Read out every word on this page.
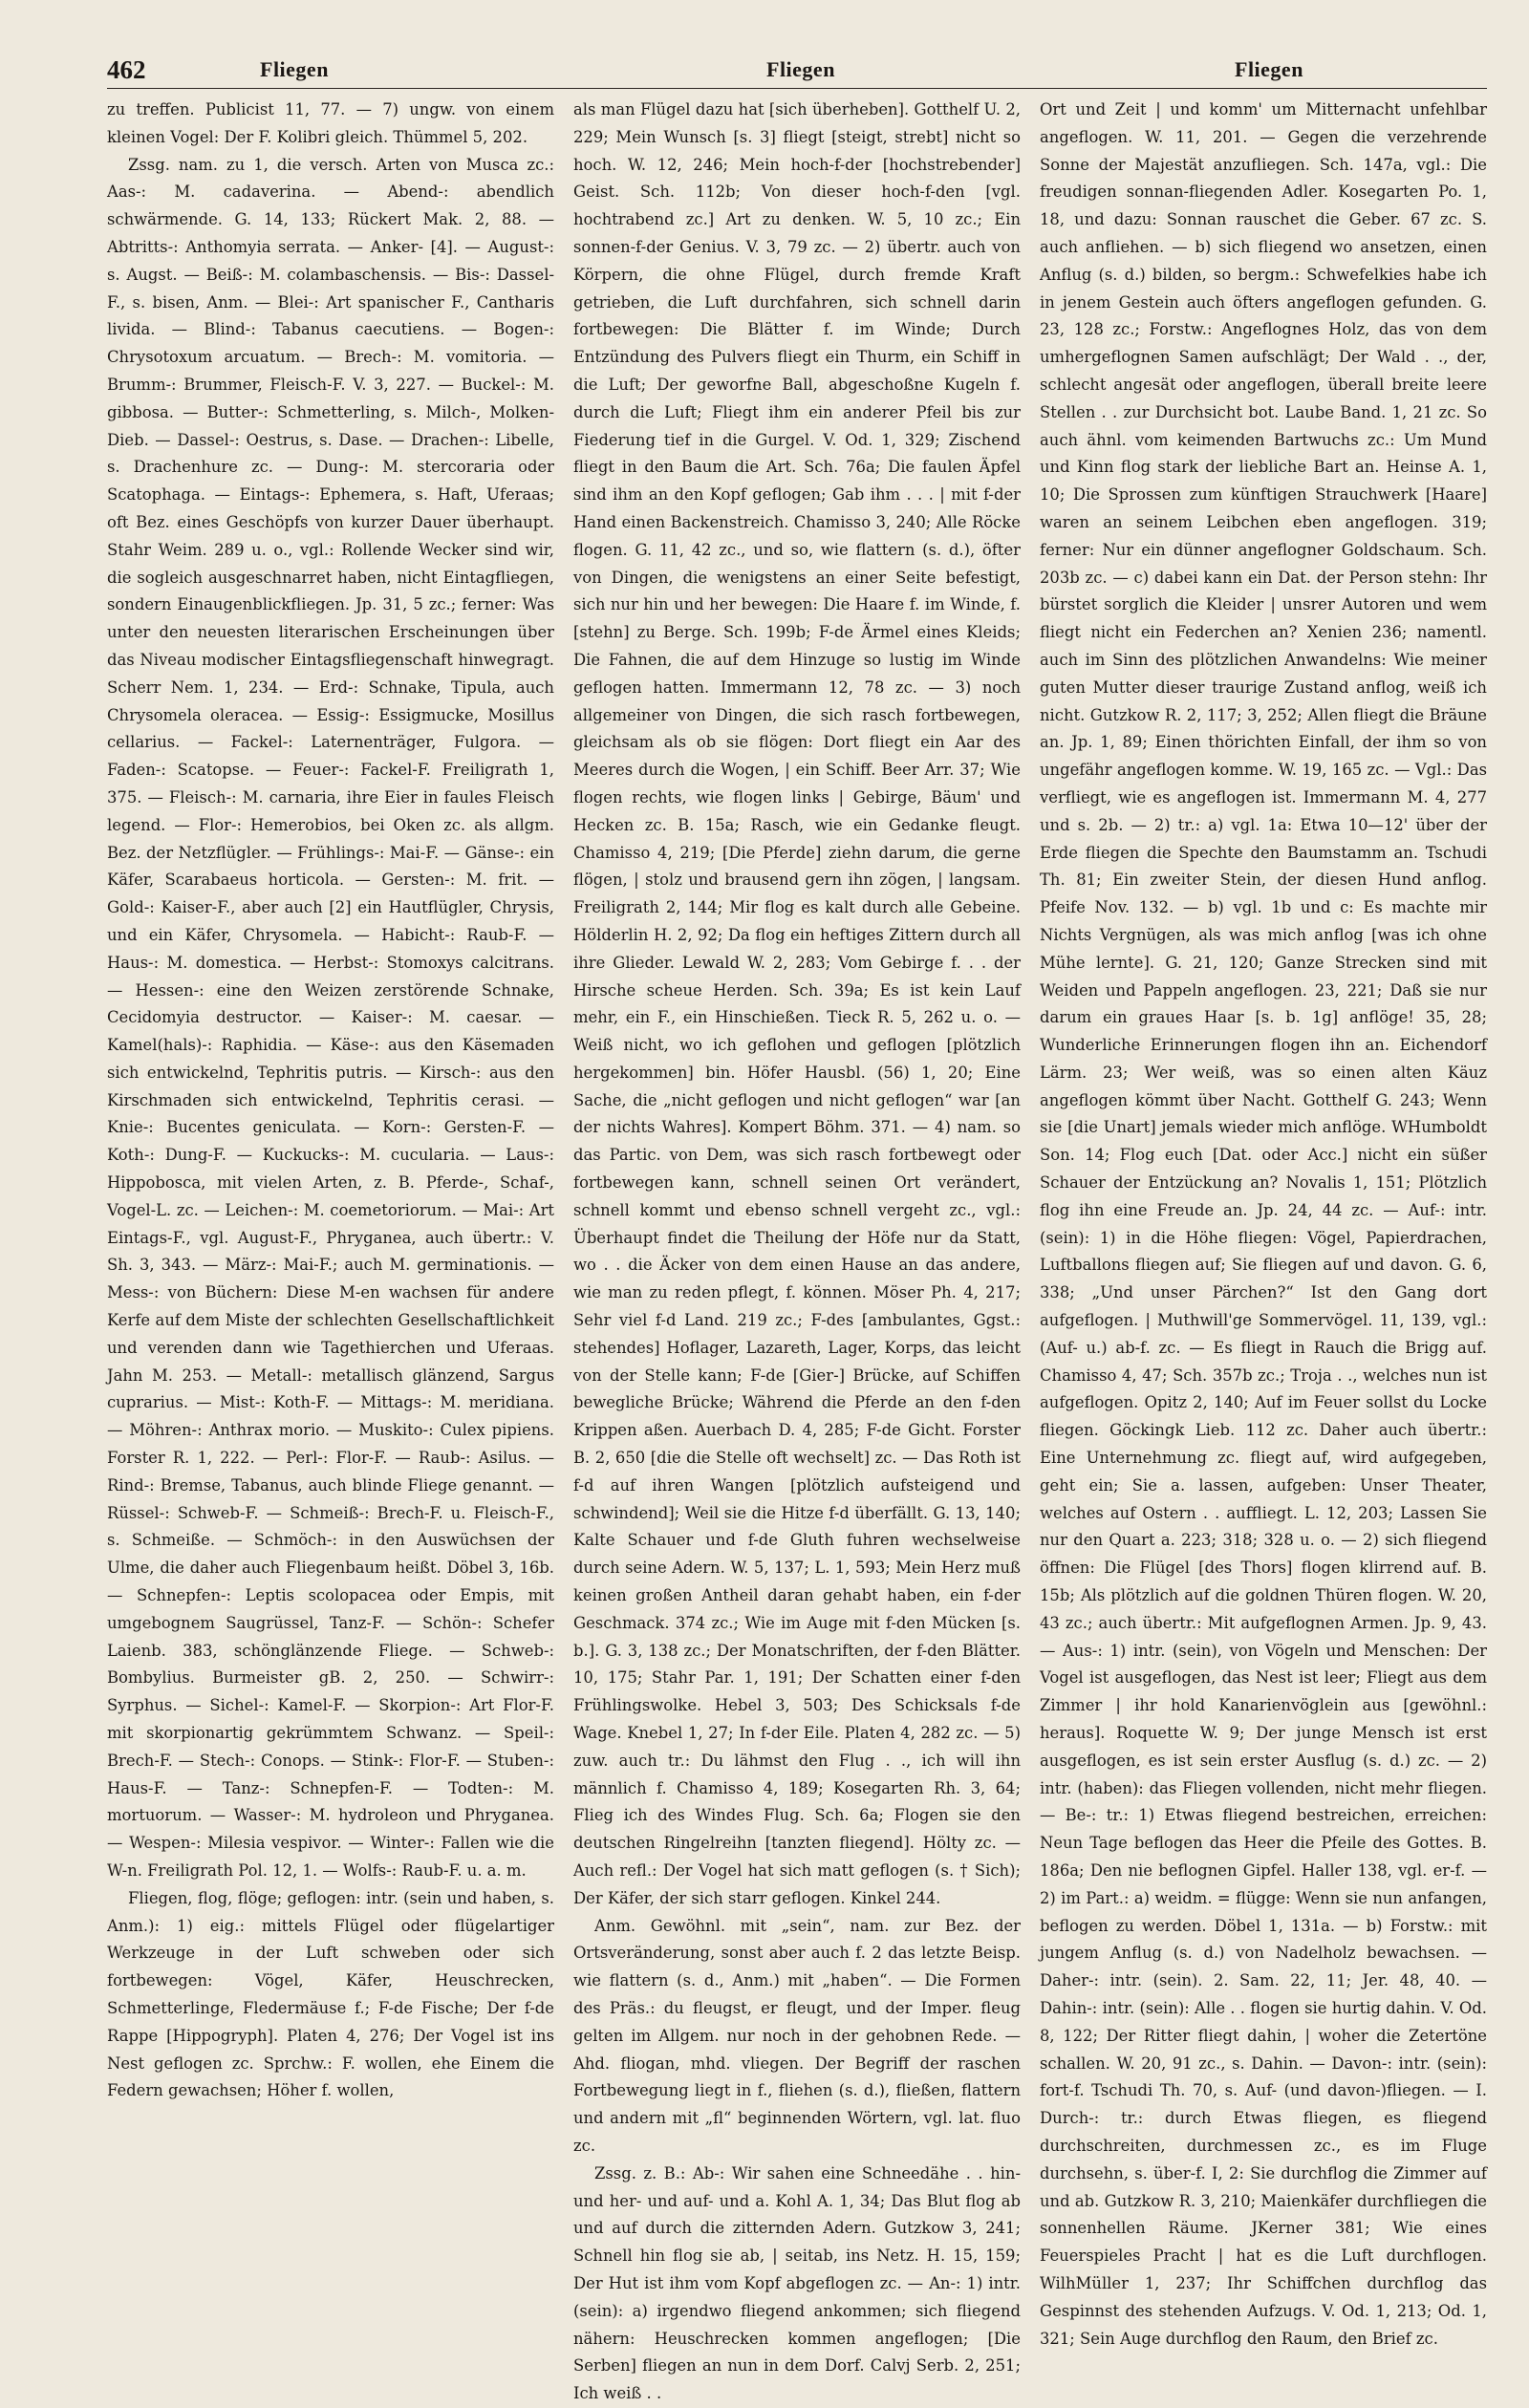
462	Fliegen	Fliegen	Fliegen

zu treffen. Publicist 11, 77. — 7) ungw. von einem kleinen Vogel: Der F. Kolibri gleich. Thümmel 5, 202.

Zssg. nam. zu 1, die versch. Arten von Musca zc.: Aas-: M. cadaverina. — Abend-: abendlich schwärmende. G. 14, 133; Rückert Mak. 2, 88. — Abtritts-: Anthomyia serrata. — Anker- [4]. — August-: s. Augst. — Beiß-: M. colambaschensis. — Bis-: Dassel-F., s. bisen, Anm. — Blei-: Art spanischer F., Cantharis livida. — Blind-: Tabanus caecutiens. — Bogen-: Chrysotoxum arcuatum. — Brech-: M. vomitoria. — Brumm-: Brummer, Fleisch-F. V. 3, 227. — Buckel-: M. gibbosa. — Butter-: Schmetterling, s. Milch-, Molken-Dieb. — Dassel-: Oestrus, s. Dase. — Drachen-: Libelle, s. Drachenhure zc. — Dung-: M. stercoraria oder Scatophaga. — Eintags-: Ephemera, s. Haft, Uferaas; oft Bez. eines Geschöpfs von kurzer Dauer überhaupt. Stahr Weim. 289 u. o., vgl.: Rollende Wecker sind wir, die sogleich ausgeschnarret haben, nicht Eintagfliegen, sondern Einaugenblickfliegen. Jp. 31, 5 zc.; ferner: Was unter den neuesten literarischen Erscheinungen über das Niveau modischer Eintagsfliegenschaft hinwegragt. Scherr Nem. 1, 234. — Erd-: Schnake, Tipula, auch Chrysomela oleracea. — Essig-: Essigmucke, Mosillus cellarius. — Fackel-: Laternenträger, Fulgora. — Faden-: Scatopse. — Feuer-: Fackel-F. Freiligrath 1, 375. — Fleisch-: M. carnaria, ihre Eier in faules Fleisch legend. — Flor-: Hemerobios, bei Oken zc. als allgm. Bez. der Netzflügler. — Frühlings-: Mai-F. — Gänse-: ein Käfer, Scarabaeus horticola. — Gersten-: M. frit. — Gold-: Kaiser-F., aber auch [2] ein Hautflügler, Chrysis, und ein Käfer, Chrysomela. — Habicht-: Raub-F. — Haus-: M. domestica. — Herbst-: Stomoxys calcitrans. — Hessen-: eine den Weizen zerstörende Schnake, Cecidomyia destructor. — Kaiser-: M. caesar. — Kamel(hals)-: Raphidia. — Käse-: aus den Käsemaden sich entwickelnd, Tephritis putris. — Kirsch-: aus den Kirschmaden sich entwickelnd, Tephritis cerasi. — Knie-: Bucentes geniculata. — Korn-: Gersten-F. — Koth-: Dung-F. — Kuckucks-: M. cucularia. — Laus-: Hippobosca, mit vielen Arten, z. B. Pferde-, Schaf-, Vogel-L. zc. — Leichen-: M. coemetoriorum. — Mai-: Art Eintags-F., vgl. August-F., Phryganea, auch übertr.: V. Sh. 3, 343. — März-: Mai-F.; auch M. germinationis. — Mess-: von Büchern: Diese M-en wachsen für andere Kerfe auf dem Miste der schlechten Gesellschaftlichkeit und verenden dann wie Tagethierchen und Uferaas. Jahn M. 253. — Metall-: metallisch glänzend, Sargus cuprarius. — Mist-: Koth-F. — Mittags-: M. meridiana. — Möhren-: Anthrax morio. — Muskito-: Culex pipiens. Forster R. 1, 222. — Perl-: Flor-F. — Raub-: Asilus. — Rind-: Bremse, Tabanus, auch blinde Fliege genannt. — Rüssel-: Schweb-F. — Schmeiß-: Brech-F. u. Fleisch-F., s. Schmeiße. — Schmöch-: in den Auswüchsen der Ulme, die daher auch Fliegenbaum heißt. Döbel 3, 16b. — Schnepfen-: Leptis scolopacea oder Empis, mit umgebognem Saugrüssel, Tanz-F. — Schön-: Schefer Laienb. 383, schönglänzende Fliege. — Schweb-: Bombylius. Burmeister gB. 2, 250. — Schwirr-: Syrphus. — Sichel-: Kamel-F. — Skorpion-: Art Flor-F. mit skorpionartig gekrümmtem Schwanz. — Speil-: Brech-F. — Stech-: Conops. — Stink-: Flor-F. — Stuben-: Haus-F. — Tanz-: Schnepfen-F. — Todten-: M. mortuorum. — Wasser-: M. hydroleon und Phryganea. — Wespen-: Milesia vespivor. — Winter-: Fallen wie die W-n. Freiligrath Pol. 12, 1. — Wolfs-: Raub-F. u. a. m.

Fliegen, flog, flöge; geflogen: intr. (sein und haben, s. Anm.): 1) eig.: mittels Flügel oder flügelartiger Werkzeuge in der Luft schweben oder sich fortbewegen: Vögel, Käfer, Heuschrecken, Schmetterlinge, Fledermäuse f.; F-de Fische; Der f-de Rappe [Hippogryph]. Platen 4, 276; Der Vogel ist ins Nest geflogen zc. Sprchw.: F. wollen, ehe Einem die Federn gewachsen; Höher f. wollen,

als man Flügel dazu hat [sich überheben]. Gotthelf U. 2, 229; Mein Wunsch [s. 3] fliegt [steigt, strebt] nicht so hoch. W. 12, 246; Mein hoch-f-der [hochstrebender] Geist. Sch. 112b; Von dieser hoch-f-den [vgl. hochtrabend zc.] Art zu denken. W. 5, 10 zc.; Ein sonnen-f-der Genius. V. 3, 79 zc. — 2) übertr. auch von Körpern, die ohne Flügel, durch fremde Kraft getrieben, die Luft durchfahren, sich schnell darin fortbewegen: Die Blätter f. im Winde; Durch Entzündung des Pulvers fliegt ein Thurm, ein Schiff in die Luft; Der geworfne Ball, abgeschoßne Kugeln f. durch die Luft; Fliegt ihm ein anderer Pfeil bis zur Fiederung tief in die Gurgel. V. Od. 1, 329; Zischend fliegt in den Baum die Art. Sch. 76a; Die faulen Äpfel sind ihm an den Kopf geflogen; Gab ihm . . . | mit f-der Hand einen Backenstreich. Chamisso 3, 240; Alle Röcke flogen. G. 11, 42 zc., und so, wie flattern (s. d.), öfter von Dingen, die wenigstens an einer Seite befestigt, sich nur hin und her bewegen: Die Haare f. im Winde, f. [stehn] zu Berge. Sch. 199b; F-de Ärmel eines Kleids; Die Fahnen, die auf dem Hinzuge so lustig im Winde geflogen hatten. Immermann 12, 78 zc. — 3) noch allgemeiner von Dingen, die sich rasch fortbewegen, gleichsam als ob sie flögen: Dort fliegt ein Aar des Meeres durch die Wogen, | ein Schiff. Beer Arr. 37; Wie flogen rechts, wie flogen links | Gebirge, Bäum' und Hecken zc. B. 15a; Rasch, wie ein Gedanke fleugt. Chamisso 4, 219; [Die Pferde] ziehn darum, die gerne flögen, | stolz und brausend gern ihn zögen, | langsam. Freiligrath 2, 144; Mir flog es kalt durch alle Gebeine. Hölderlin H. 2, 92; Da flog ein heftiges Zittern durch all ihre Glieder. Lewald W. 2, 283; Vom Gebirge f. . . der Hirsche scheue Herden. Sch. 39a; Es ist kein Lauf mehr, ein F., ein Hinschießen. Tieck R. 5, 262 u. o. — Weiß nicht, wo ich geflohen und geflogen [plötzlich hergekommen] bin. Höfer Hausbl. (56) 1, 20; Eine Sache, die „nicht geflogen und nicht geflogen“ war [an der nichts Wahres]. Kompert Böhm. 371. — 4) nam. so das Partic. von Dem, was sich rasch fortbewegt oder fortbewegen kann, schnell seinen Ort verändert, schnell kommt und ebenso schnell vergeht zc., vgl.: Überhaupt findet die Theilung der Höfe nur da Statt, wo . . die Äcker von dem einen Hause an das andere, wie man zu reden pflegt, f. können. Möser Ph. 4, 217; Sehr viel f-d Land. 219 zc.; F-des [ambulantes, Ggst.: stehendes] Hoflager, Lazareth, Lager, Korps, das leicht von der Stelle kann; F-de [Gier-] Brücke, auf Schiffen bewegliche Brücke; Während die Pferde an den f-den Krippen aßen. Auerbach D. 4, 285; F-de Gicht. Forster B. 2, 650 [die die Stelle oft wechselt] zc. — Das Roth ist f-d auf ihren Wangen [plötzlich aufsteigend und schwindend]; Weil sie die Hitze f-d überfällt. G. 13, 140; Kalte Schauer und f-de Gluth fuhren wechselweise durch seine Adern. W. 5, 137; L. 1, 593; Mein Herz muß keinen großen Antheil daran gehabt haben, ein f-der Geschmack. 374 zc.; Wie im Auge mit f-den Mücken [s. b.]. G. 3, 138 zc.; Der Monatschriften, der f-den Blätter. 10, 175; Stahr Par. 1, 191; Der Schatten einer f-den Frühlingswolke. Hebel 3, 503; Des Schicksals f-de Wage. Knebel 1, 27; In f-der Eile. Platen 4, 282 zc. — 5) zuw. auch tr.: Du lähmst den Flug . ., ich will ihn männlich f. Chamisso 4, 189; Kosegarten Rh. 3, 64; Flieg ich des Windes Flug. Sch. 6a; Flogen sie den deutschen Ringelreihn [tanzten fliegend]. Hölty zc. — Auch refl.: Der Vogel hat sich matt geflogen (s. † Sich); Der Käfer, der sich starr geflogen. Kinkel 244.

Anm. Gewöhnl. mit „sein“, nam. zur Bez. der Ortsveränderung, sonst aber auch f. 2 das letzte Beisp. wie flattern (s. d., Anm.) mit „haben“. — Die Formen des Präs.: du fleugst, er fleugt, und der Imper. fleug gelten im Allgem. nur noch in der gehobnen Rede. — Ahd. fliogan, mhd. vliegen. Der Begriff der raschen Fortbewegung liegt in f., fliehen (s. d.), fließen, flattern und andern mit „fl“ beginnenden Wörtern, vgl. lat. fluo zc.

Zssg. z. B.: Ab-: Wir sahen eine Schneedähe . . hin- und her- und auf- und a. Kohl A. 1, 34; Das Blut flog ab und auf durch die zitternden Adern. Gutzkow 3, 241; Schnell hin flog sie ab, | seitab, ins Netz. H. 15, 159; Der Hut ist ihm vom Kopf abgeflogen zc. — An-: 1) intr. (sein): a) irgendwo fliegend ankommen; sich fliegend nähern: Heuschrecken kommen angeflogen; [Die Serben] fliegen an nun in dem Dorf. Calvj Serb. 2, 251; Ich weiß . .

Ort und Zeit | und komm' um Mitternacht unfehlbar angeflogen. W. 11, 201. — Gegen die verzehrende Sonne der Majestät anzufliegen. Sch. 147a, vgl.: Die freudigen sonnan-fliegenden Adler. Kosegarten Po. 1, 18, und dazu: Sonnan rauschet die Geber. 67 zc. S. auch anfliehen. — b) sich fliegend wo ansetzen, einen Anflug (s. d.) bilden, so bergm.: Schwefelkies habe ich in jenem Gestein auch öfters angeflogen gefunden. G. 23, 128 zc.; Forstw.: Angeflognes Holz, das von dem umhergeflognen Samen aufschlägt; Der Wald . ., der, schlecht angesät oder angeflogen, überall breite leere Stellen . . zur Durchsicht bot. Laube Band. 1, 21 zc. So auch ähnl. vom keimenden Bartwuchs zc.: Um Mund und Kinn flog stark der liebliche Bart an. Heinse A. 1, 10; Die Sprossen zum künftigen Strauchwerk [Haare] waren an seinem Leibchen eben angeflogen. 319; ferner: Nur ein dünner angeflogner Goldschaum. Sch. 203b zc. — c) dabei kann ein Dat. der Person stehn: Ihr bürstet sorglich die Kleider | unsrer Autoren und wem fliegt nicht ein Federchen an? Xenien 236; namentl. auch im Sinn des plötzlichen Anwandelns: Wie meiner guten Mutter dieser traurige Zustand anflog, weiß ich nicht. Gutzkow R. 2, 117; 3, 252; Allen fliegt die Bräune an. Jp. 1, 89; Einen thörichten Einfall, der ihm so von ungefähr angeflogen komme. W. 19, 165 zc. — Vgl.: Das verfliegt, wie es angeflogen ist. Immermann M. 4, 277 und s. 2b. — 2) tr.: a) vgl. 1a: Etwa 10—12' über der Erde fliegen die Spechte den Baumstamm an. Tschudi Th. 81; Ein zweiter Stein, der diesen Hund anflog. Pfeife Nov. 132. — b) vgl. 1b und c: Es machte mir Nichts Vergnügen, als was mich anflog [was ich ohne Mühe lernte]. G. 21, 120; Ganze Strecken sind mit Weiden und Pappeln angeflogen. 23, 221; Daß sie nur darum ein graues Haar [s. b. 1g] anflöge! 35, 28; Wunderliche Erinnerungen flogen ihn an. Eichendorf Lärm. 23; Wer weiß, was so einen alten Käuz angeflogen kömmt über Nacht. Gotthelf G. 243; Wenn sie [die Unart] jemals wieder mich anflöge. WHumboldt Son. 14; Flog euch [Dat. oder Acc.] nicht ein süßer Schauer der Entzückung an? Novalis 1, 151; Plötzlich flog ihn eine Freude an. Jp. 24, 44 zc. — Auf-: intr. (sein): 1) in die Höhe fliegen: Vögel, Papierdrachen, Luftballons fliegen auf; Sie fliegen auf und davon. G. 6, 338; „Und unser Pärchen?“ Ist den Gang dort aufgeflogen. | Muthwill'ge Sommervögel. 11, 139, vgl.: (Auf- u.) ab-f. zc. — Es fliegt in Rauch die Brigg auf. Chamisso 4, 47; Sch. 357b zc.; Troja . ., welches nun ist aufgeflogen. Opitz 2, 140; Auf im Feuer sollst du Locke fliegen. Göckingk Lieb. 112 zc. Daher auch übertr.: Eine Unternehmung zc. fliegt auf, wird aufgegeben, geht ein; Sie a. lassen, aufgeben: Unser Theater, welches auf Ostern . . auffliegt. L. 12, 203; Lassen Sie nur den Quart a. 223; 318; 328 u. o. — 2) sich fliegend öffnen: Die Flügel [des Thors] flogen klirrend auf. B. 15b; Als plötzlich auf die goldnen Thüren flogen. W. 20, 43 zc.; auch übertr.: Mit aufgeflognen Armen. Jp. 9, 43. — Aus-: 1) intr. (sein), von Vögeln und Menschen: Der Vogel ist ausgeflogen, das Nest ist leer; Fliegt aus dem Zimmer | ihr hold Kanarienvöglein aus [gewöhnl.: heraus]. Roquette W. 9; Der junge Mensch ist erst ausgeflogen, es ist sein erster Ausflug (s. d.) zc. — 2) intr. (haben): das Fliegen vollenden, nicht mehr fliegen. — Be-: tr.: 1) Etwas fliegend bestreichen, erreichen: Neun Tage beflogen das Heer die Pfeile des Gottes. B. 186a; Den nie beflognen Gipfel. Haller 138, vgl. er-f. — 2) im Part.: a) weidm. = flügge: Wenn sie nun anfangen, beflogen zu werden. Döbel 1, 131a. — b) Forstw.: mit jungem Anflug (s. d.) von Nadelholz bewachsen. — Daher-: intr. (sein). 2. Sam. 22, 11; Jer. 48, 40. — Dahin-: intr. (sein): Alle . . flogen sie hurtig dahin. V. Od. 8, 122; Der Ritter fliegt dahin, | woher die Zetertöne schallen. W. 20, 91 zc., s. Dahin. — Davon-: intr. (sein): fort-f. Tschudi Th. 70, s. Auf- (und davon-)fliegen. — I. Durch-: tr.: durch Etwas fliegen, es fliegend durchschreiten, durchmessen zc., es im Fluge durchsehn, s. über-f. I, 2: Sie durchflog die Zimmer auf und ab. Gutzkow R. 3, 210; Maienkäfer durchfliegen die sonnenhellen Räume. JKerner 381; Wie eines Feuerspieles Pracht | hat es die Luft durchflogen. WilhMüller 1, 237; Ihr Schiffchen durchflog das Gespinnst des stehenden Aufzugs. V. Od. 1, 213; Od. 1, 321; Sein Auge durchflog den Raum, den Brief zc.
